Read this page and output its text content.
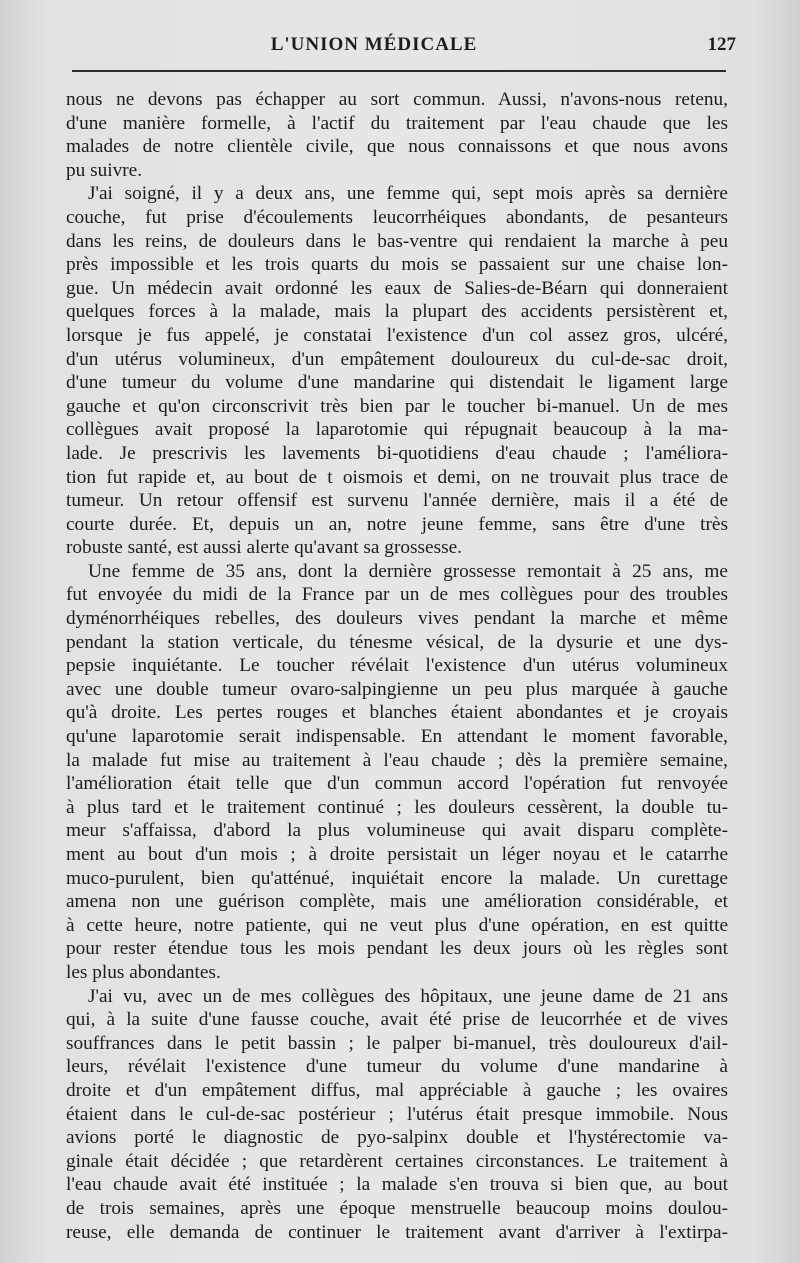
L'UNION MÉDICALE	127

nous ne devons pas échapper au sort commun. Aussi, n'avons-nous retenu,
d'une manière formelle, à l'actif du traitement par l'eau chaude que les
malades de notre clientèle civile, que nous connaissons et que nous avons
pu suivre.

J'ai soigné, il y a deux ans, une femme qui, sept mois après sa dernière
couche, fut prise d'écoulements leucorrhéiques abondants, de pesanteurs
dans les reins, de douleurs dans le bas-ventre qui rendaient la marche à peu
près impossible et les trois quarts du mois se passaient sur une chaise lon-
gue. Un médecin avait ordonné les eaux de Salies-de-Béarn qui donneraient
quelques forces à la malade, mais la plupart des accidents persistèrent et,
lorsque je fus appelé, je constatai l'existence d'un col assez gros, ulcéré,
d'un utérus volumineux, d'un empâtement douloureux du cul-de-sac droit,
d'une tumeur du volume d'une mandarine qui distendait le ligament large
gauche et qu'on circonscrivit très bien par le toucher bi-manuel. Un de mes
collègues avait proposé la laparotomie qui répugnait beaucoup à la ma-
lade. Je prescrivis les lavements bi-quotidiens d'eau chaude ; l'améliora-
tion fut rapide et, au bout de t oismois et demi, on ne trouvait plus trace de
tumeur. Un retour offensif est survenu l'année dernière, mais il a été de
courte durée. Et, depuis un an, notre jeune femme, sans être d'une très
robuste santé, est aussi alerte qu'avant sa grossesse.

Une femme de 35 ans, dont la dernière grossesse remontait à 25 ans, me
fut envoyée du midi de la France par un de mes collègues pour des troubles
dyménorrhéiques rebelles, des douleurs vives pendant la marche et même
pendant la station verticale, du ténesme vésical, de la dysurie et une dys-
pepsie inquiétante. Le toucher révélait l'existence d'un utérus volumineux
avec une double tumeur ovaro-salpingienne un peu plus marquée à gauche
qu'à droite. Les pertes rouges et blanches étaient abondantes et je croyais
qu'une laparotomie serait indispensable. En attendant le moment favorable,
la malade fut mise au traitement à l'eau chaude ; dès la première semaine,
l'amélioration était telle que d'un commun accord l'opération fut renvoyée
à plus tard et le traitement continué ; les douleurs cessèrent, la double tu-
meur s'affaissa, d'abord la plus volumineuse qui avait disparu complète-
ment au bout d'un mois ; à droite persistait un léger noyau et le catarrhe
muco-purulent, bien qu'atténué, inquiétait encore la malade. Un curettage
amena non une guérison complète, mais une amélioration considérable, et
à cette heure, notre patiente, qui ne veut plus d'une opération, en est quitte
pour rester étendue tous les mois pendant les deux jours où les règles sont
les plus abondantes.

J'ai vu, avec un de mes collègues des hôpitaux, une jeune dame de 21 ans
qui, à la suite d'une fausse couche, avait été prise de leucorrhée et de vives
souffrances dans le petit bassin ; le palper bi-manuel, très douloureux d'ail-
leurs, révélait l'existence d'une tumeur du volume d'une mandarine à
droite et d'un empâtement diffus, mal appréciable à gauche ; les ovaires
étaient dans le cul-de-sac postérieur ; l'utérus était presque immobile. Nous
avions porté le diagnostic de pyo-salpinx double et l'hystérectomie va-
ginale était décidée ; que retardèrent certaines circonstances. Le traitement à
l'eau chaude avait été instituée ; la malade s'en trouva si bien que, au bout
de trois semaines, après une époque menstruelle beaucoup moins doulou-
reuse, elle demanda de continuer le traitement avant d'arriver à l'extirpa-
